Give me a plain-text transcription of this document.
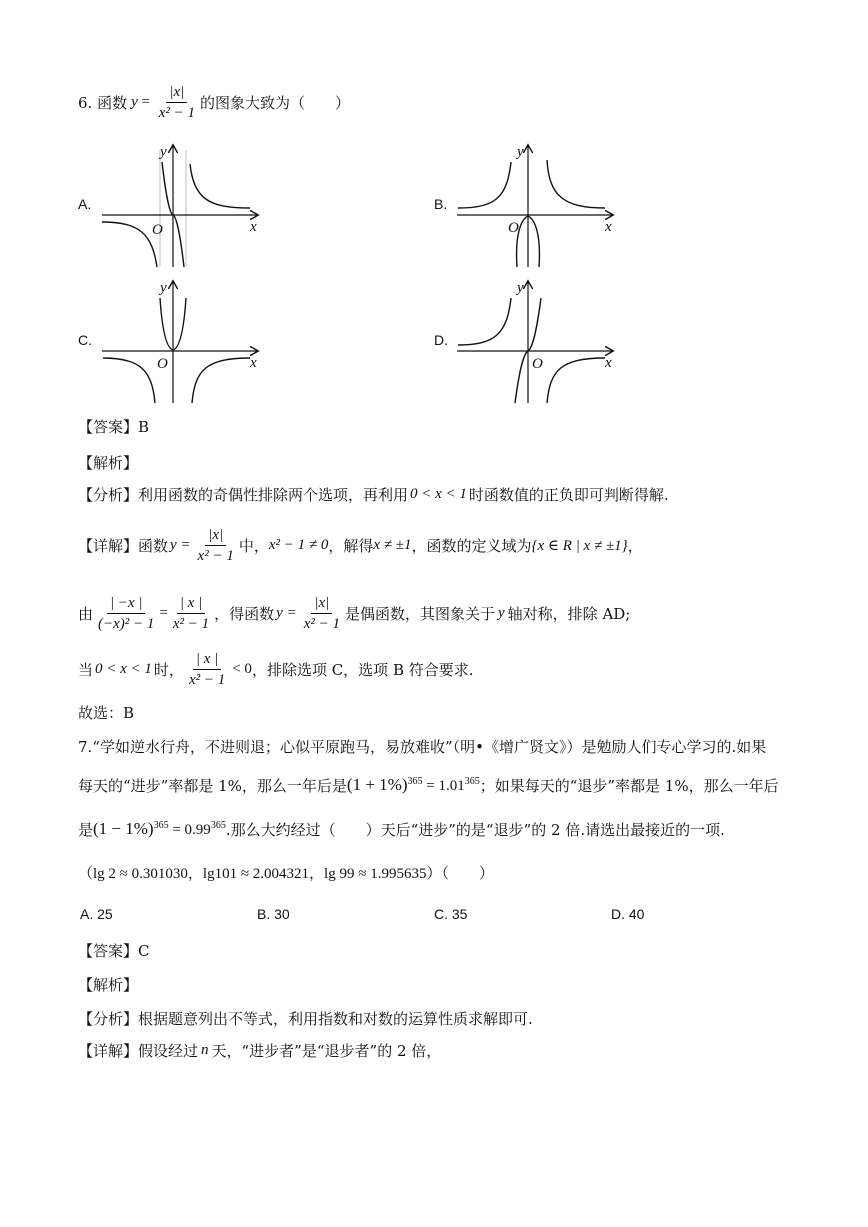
6. 函数 $y = \frac{|x|}{\text{x² − 1}}$ 的图象大致为（　　）
A.
y
x
O
B.
y
x
O
C.
y
x
O
D.
y
x
O
【答案】B
【解析】
【分析】利用函数的奇偶性排除两个选项，再利用 0 < x < 1 时函数值的正负即可判断得解.
【详解】函数 $y = \frac{|x|}{\text{x² − 1}}$ 中， x² − 1 ≠ 0 ，解得 x ≠ ±1 ，函数的定义域为 {x ∈ R | x ≠ ±1} ，
由 $\frac{| -x |}{\text{(−x)² − 1}} = \frac{| x |}{\text{x² − 1}}$ ，得函数 $y = \frac{|x|}{\text{x² − 1}}$ 是偶函数，其图象关于 y 轴对称，排除 AD;
当 0 < x < 1 时， $\frac{| x |}{\text{x² − 1}} < 0$ ，排除选项 C，选项 B 符合要求.
故选：B
7.“学如逆水行舟，不进则退；心似平原跑马，易放难收”（明•《增广贤文》）是勉励人们专心学习的.如果
每天的“进步”率都是 1%，那么一年后是 $(1 + 1\%)^{365} = 1.01^{365}$ ；如果每天的“退步”率都是 1%，那么一年后
是 $(1 - 1\%)^{365} = 0.99^{365}$ .那么大约经过（　　）天后“进步”的是“退步”的 2 倍.请选出最接近的一项.
（lg 2 ≈ 0.301030，lg101 ≈ 2.004321，lg 99 ≈ 1.995635）（　　）
A. 25	B. 30	C. 35	D. 40
【答案】C
【解析】
【分析】根据题意列出不等式，利用指数和对数的运算性质求解即可.
【详解】假设经过 n 天，“进步者”是“退步者”的 2 倍，
